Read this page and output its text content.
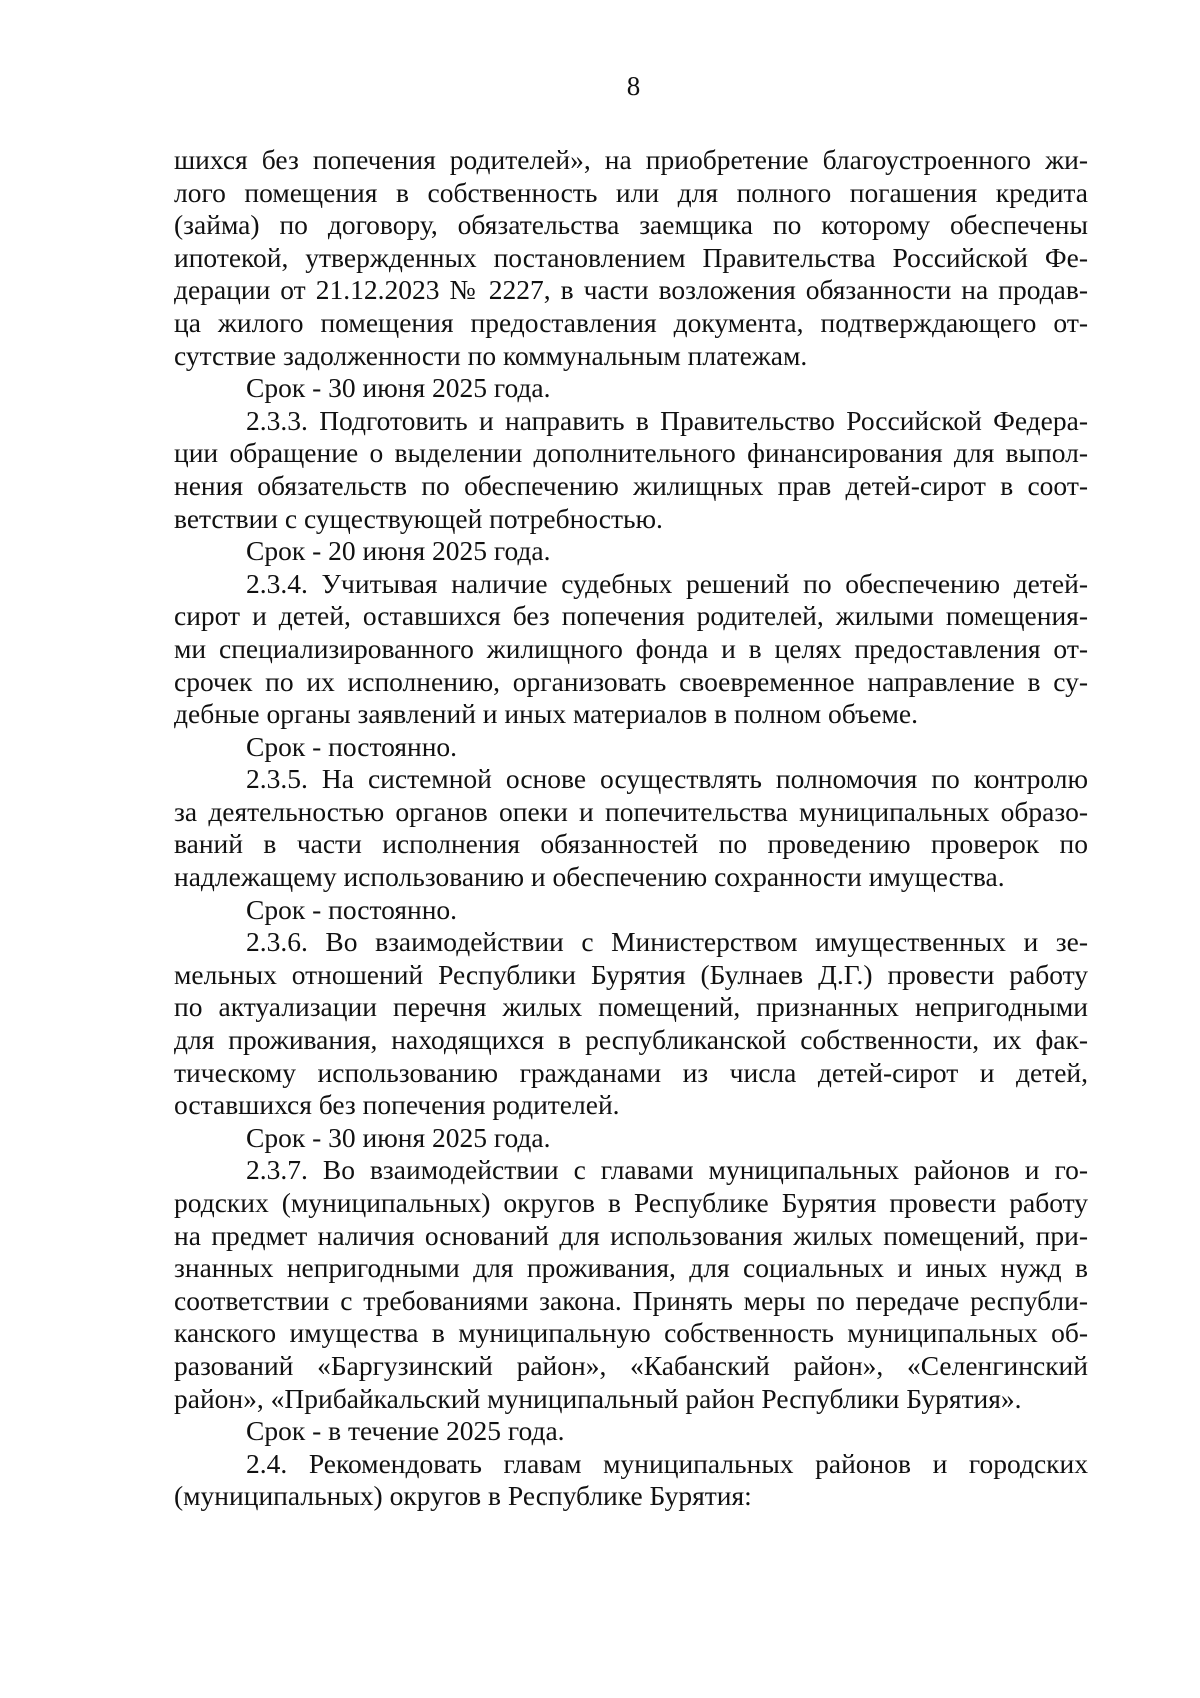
8
шихся без попечения родителей», на приобретение благоустроенного жи-
лого помещения в собственность или для полного погашения кредита
(займа) по договору, обязательства заемщика по которому обеспечены
ипотекой, утвержденных постановлением Правительства Российской Фе-
дерации от 21.12.2023 № 2227, в части возложения обязанности на продав-
ца жилого помещения предоставления документа, подтверждающего от-
сутствие задолженности по коммунальным платежам.
Срок - 30 июня 2025 года.
2.3.3. Подготовить и направить в Правительство Российской Федера-
ции обращение о выделении дополнительного финансирования для выпол-
нения обязательств по обеспечению жилищных прав детей-сирот в соот-
ветствии с существующей потребностью.
Срок - 20 июня 2025 года.
2.3.4. Учитывая наличие судебных решений по обеспечению детей-
сирот и детей, оставшихся без попечения родителей, жилыми помещения-
ми специализированного жилищного фонда и в целях предоставления от-
срочек по их исполнению, организовать своевременное направление в су-
дебные органы заявлений и иных материалов в полном объеме.
Срок - постоянно.
2.3.5. На системной основе осуществлять полномочия по контролю
за деятельностью органов опеки и попечительства муниципальных образо-
ваний в части исполнения обязанностей по проведению проверок по
надлежащему использованию и обеспечению сохранности имущества.
Срок - постоянно.
2.3.6. Во взаимодействии с Министерством имущественных и зе-
мельных отношений Республики Бурятия (Булнаев Д.Г.) провести работу
по актуализации перечня жилых помещений, признанных непригодными
для проживания, находящихся в республиканской собственности, их фак-
тическому использованию гражданами из числа детей-сирот и детей,
оставшихся без попечения родителей.
Срок - 30 июня 2025 года.
2.3.7. Во взаимодействии с главами муниципальных районов и го-
родских (муниципальных) округов в Республике Бурятия провести работу
на предмет наличия оснований для использования жилых помещений, при-
знанных непригодными для проживания, для социальных и иных нужд в
соответствии с требованиями закона. Принять меры по передаче республи-
канского имущества в муниципальную собственность муниципальных об-
разований «Баргузинский район», «Кабанский район», «Селенгинский
район», «Прибайкальский муниципальный район Республики Бурятия».
Срок - в течение 2025 года.
2.4. Рекомендовать главам муниципальных районов и городских
(муниципальных) округов в Республике Бурятия:
